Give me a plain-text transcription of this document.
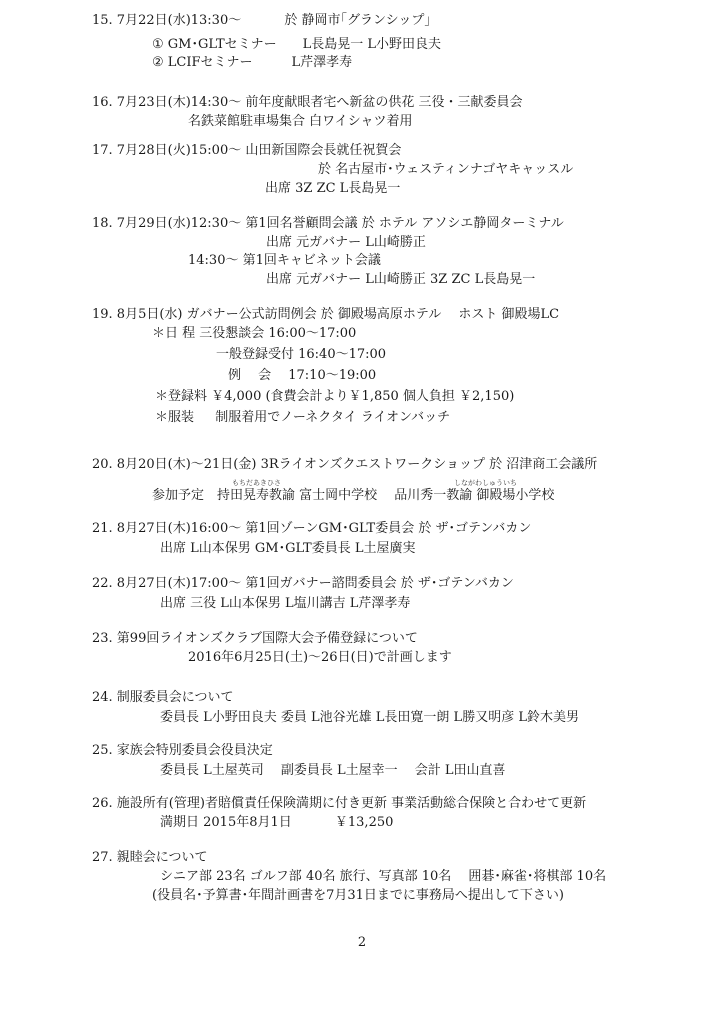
15. 7月22日(水)13:30～　　　 於 静岡市｢グランシップ｣
① GM･GLTセミナー　　L長島晃一 L小野田良夫
② LCIFセミナー　　　L芹澤孝寿
16. 7月23日(木)14:30～ 前年度献眼者宅へ新盆の供花 三役・三献委員会
名鉄菜館駐車場集合 白ワイシャツ着用
17. 7月28日(火)15:00～ 山田新国際会長就任祝賀会
於 名古屋市･ウェスティンナゴヤキャッスル
出席 3Z ZC L長島晃一
18. 7月29日(水)12:30～ 第1回名誉顧問会議 於 ホテル アソシエ静岡ターミナル
出席 元ガバナー L山崎勝正
14:30～ 第1回キャビネット会議
出席 元ガバナー L山崎勝正 3Z ZC L長島晃一
19. 8月5日(水) ガバナー公式訪問例会 於 御殿場高原ホテル　 ホスト 御殿場LC
＊日 程 三役懇談会 16:00～17:00
一般登録受付 16:40～17:00
例　 会　 17:10～19:00
＊登録料 ￥4,000 (食費会計より￥1,850 個人負担 ￥2,150)
＊服装 　 制服着用でノーネクタイ ライオンバッチ
20. 8月20日(木)～21日(金) 3Rライオンズクエストワークショップ 於 沼津商工会議所
もちだあきひさ	しながわしゅういち
参加予定　持田晃寿教諭 富士岡中学校　 品川秀一教諭 御殿場小学校
21. 8月27日(木)16:00～ 第1回ゾーンGM･GLT委員会 於 ザ･ゴテンバカン
出席 L山本保男 GM･GLT委員長 L土屋廣実
22. 8月27日(木)17:00～ 第1回ガバナー諮問委員会 於 ザ･ゴテンバカン
出席 三役 L山本保男 L塩川講吉 L芹澤孝寿
23. 第99回ライオンズクラブ国際大会予備登録について
2016年6月25日(土)～26日(日)で計画します
24. 制服委員会について
委員長 L小野田良夫 委員 L池谷光雄 L長田寛一朗 L勝又明彦 L鈴木美男
25. 家族会特別委員会役員決定
委員長 L土屋英司　 副委員長 L土屋幸一　 会計 L田山直喜
26. 施設所有(管理)者賠償責任保険満期に付き更新 事業活動総合保険と合わせて更新
満期日 2015年8月1日　　　 ￥13,250
27. 親睦会について
シニア部 23名 ゴルフ部 40名 旅行、写真部 10名　 囲碁･麻雀･将棋部 10名
(役員名･予算書･年間計画書を7月31日までに事務局へ提出して下さい)
2
